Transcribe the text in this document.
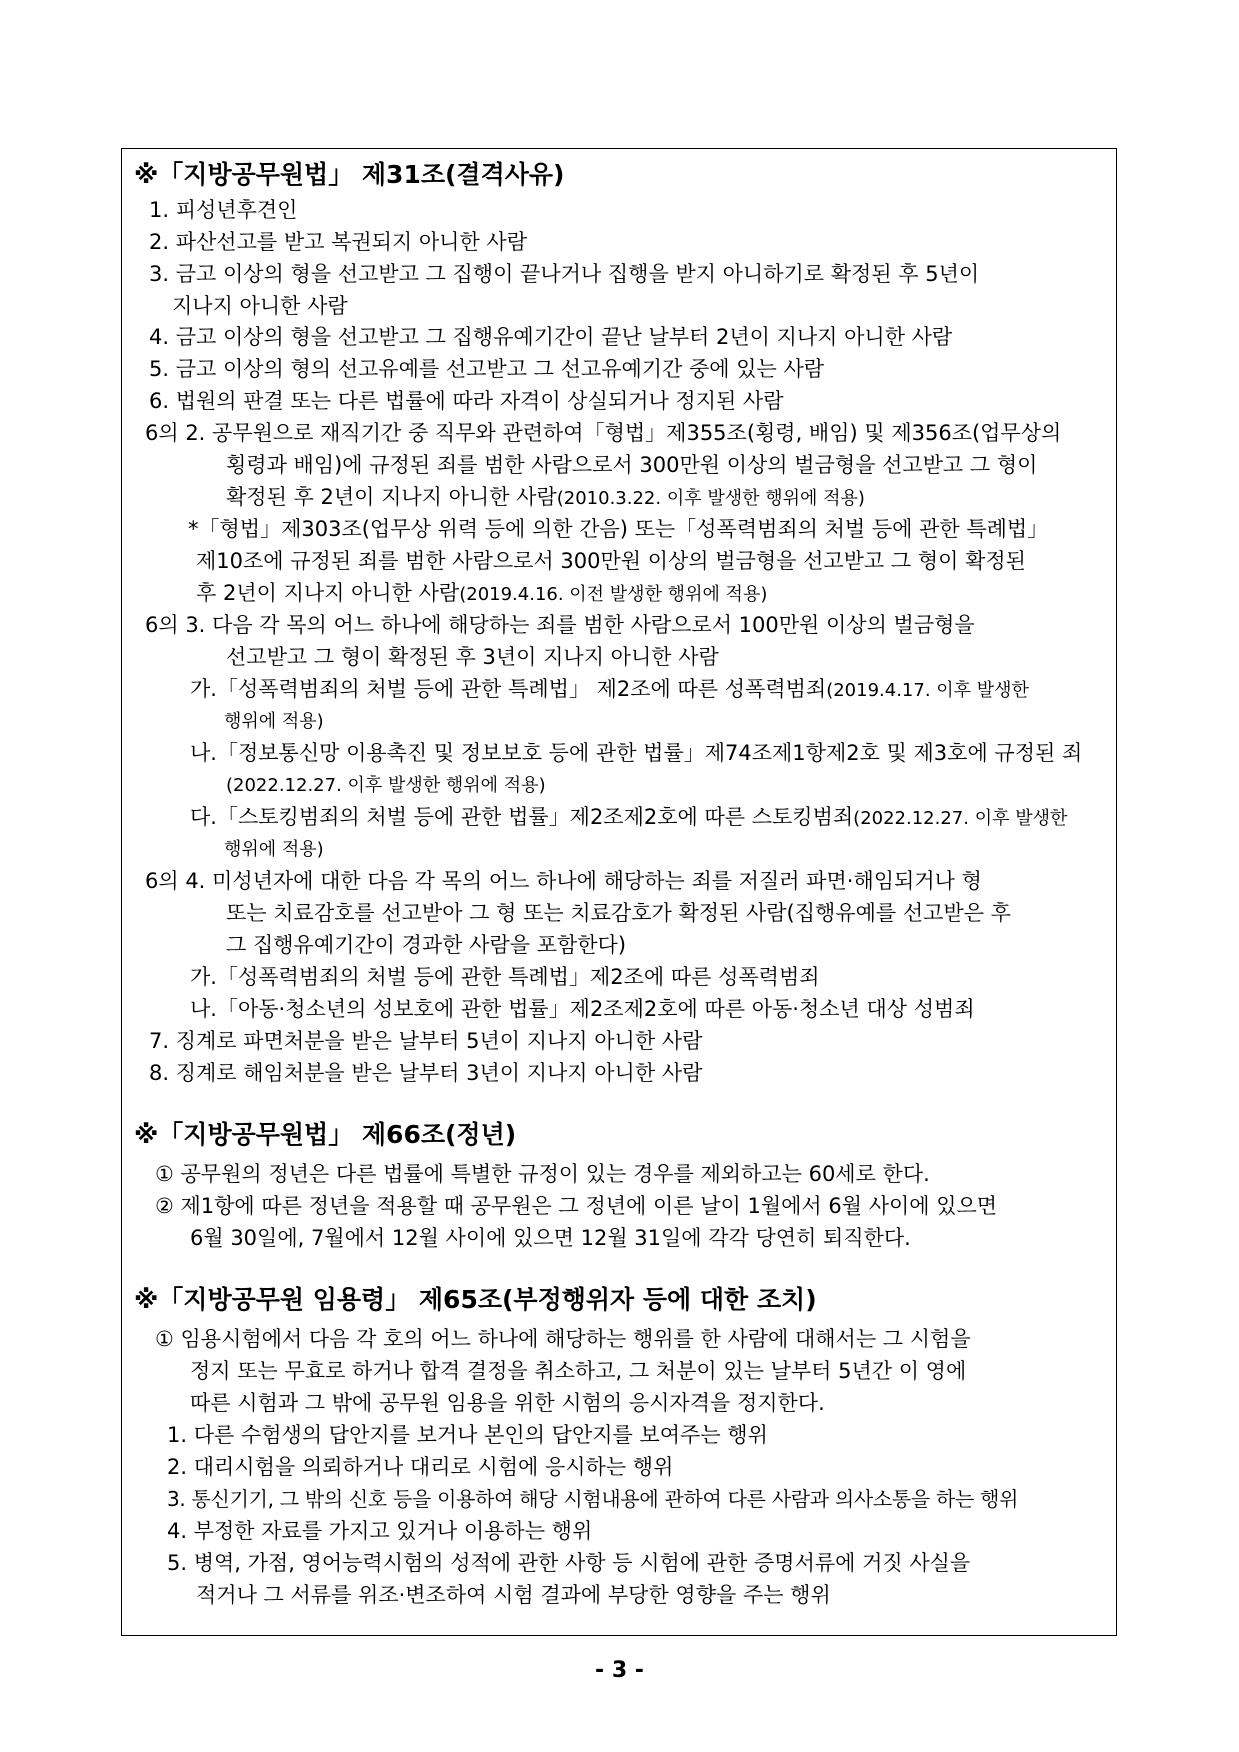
※「지방공무원법」 제31조(결격사유)
1. 피성년후견인
2. 파산선고를 받고 복권되지 아니한 사람
3. 금고 이상의 형을 선고받고 그 집행이 끝나거나 집행을 받지 아니하기로 확정된 후 5년이
지나지 아니한 사람
4. 금고 이상의 형을 선고받고 그 집행유예기간이 끝난 날부터 2년이 지나지 아니한 사람
5. 금고 이상의 형의 선고유예를 선고받고 그 선고유예기간 중에 있는 사람
6. 법원의 판결 또는 다른 법률에 따라 자격이 상실되거나 정지된 사람
6의 2. 공무원으로 재직기간 중 직무와 관련하여「형법」제355조(횡령, 배임) 및 제356조(업무상의
횡령과 배임)에 규정된 죄를 범한 사람으로서 300만원 이상의 벌금형을 선고받고 그 형이
확정된 후 2년이 지나지 아니한 사람(2010.3.22. 이후 발생한 행위에 적용)
*「형법」제303조(업무상 위력 등에 의한 간음) 또는「성폭력범죄의 처벌 등에 관한 특례법」
제10조에 규정된 죄를 범한 사람으로서 300만원 이상의 벌금형을 선고받고 그 형이 확정된
후 2년이 지나지 아니한 사람(2019.4.16. 이전 발생한 행위에 적용)
6의 3. 다음 각 목의 어느 하나에 해당하는 죄를 범한 사람으로서 100만원 이상의 벌금형을
선고받고 그 형이 확정된 후 3년이 지나지 아니한 사람
가.「성폭력범죄의 처벌 등에 관한 특례법」 제2조에 따른 성폭력범죄(2019.4.17. 이후 발생한
행위에 적용)
나.「정보통신망 이용촉진 및 정보보호 등에 관한 법률」제74조제1항제2호 및 제3호에 규정된 죄
(2022.12.27. 이후 발생한 행위에 적용)
다.「스토킹범죄의 처벌 등에 관한 법률」제2조제2호에 따른 스토킹범죄(2022.12.27. 이후 발생한
행위에 적용)
6의 4. 미성년자에 대한 다음 각 목의 어느 하나에 해당하는 죄를 저질러 파면·해임되거나 형
또는 치료감호를 선고받아 그 형 또는 치료감호가 확정된 사람(집행유예를 선고받은 후
그 집행유예기간이 경과한 사람을 포함한다)
가.「성폭력범죄의 처벌 등에 관한 특례법」제2조에 따른 성폭력범죄
나.「아동·청소년의 성보호에 관한 법률」제2조제2호에 따른 아동·청소년 대상 성범죄
7. 징계로 파면처분을 받은 날부터 5년이 지나지 아니한 사람
8. 징계로 해임처분을 받은 날부터 3년이 지나지 아니한 사람
※「지방공무원법」 제66조(정년)
① 공무원의 정년은 다른 법률에 특별한 규정이 있는 경우를 제외하고는 60세로 한다.
② 제1항에 따른 정년을 적용할 때 공무원은 그 정년에 이른 날이 1월에서 6월 사이에 있으면
6월 30일에, 7월에서 12월 사이에 있으면 12월 31일에 각각 당연히 퇴직한다.
※「지방공무원 임용령」 제65조(부정행위자 등에 대한 조치)
① 임용시험에서 다음 각 호의 어느 하나에 해당하는 행위를 한 사람에 대해서는 그 시험을
정지 또는 무효로 하거나 합격 결정을 취소하고, 그 처분이 있는 날부터 5년간 이 영에
따른 시험과 그 밖에 공무원 임용을 위한 시험의 응시자격을 정지한다.
1. 다른 수험생의 답안지를 보거나 본인의 답안지를 보여주는 행위
2. 대리시험을 의뢰하거나 대리로 시험에 응시하는 행위
3. 통신기기, 그 밖의 신호 등을 이용하여 해당 시험내용에 관하여 다른 사람과 의사소통을 하는 행위
4. 부정한 자료를 가지고 있거나 이용하는 행위
5. 병역, 가점, 영어능력시험의 성적에 관한 사항 등 시험에 관한 증명서류에 거짓 사실을
적거나 그 서류를 위조·변조하여 시험 결과에 부당한 영향을 주는 행위
- 3 -
